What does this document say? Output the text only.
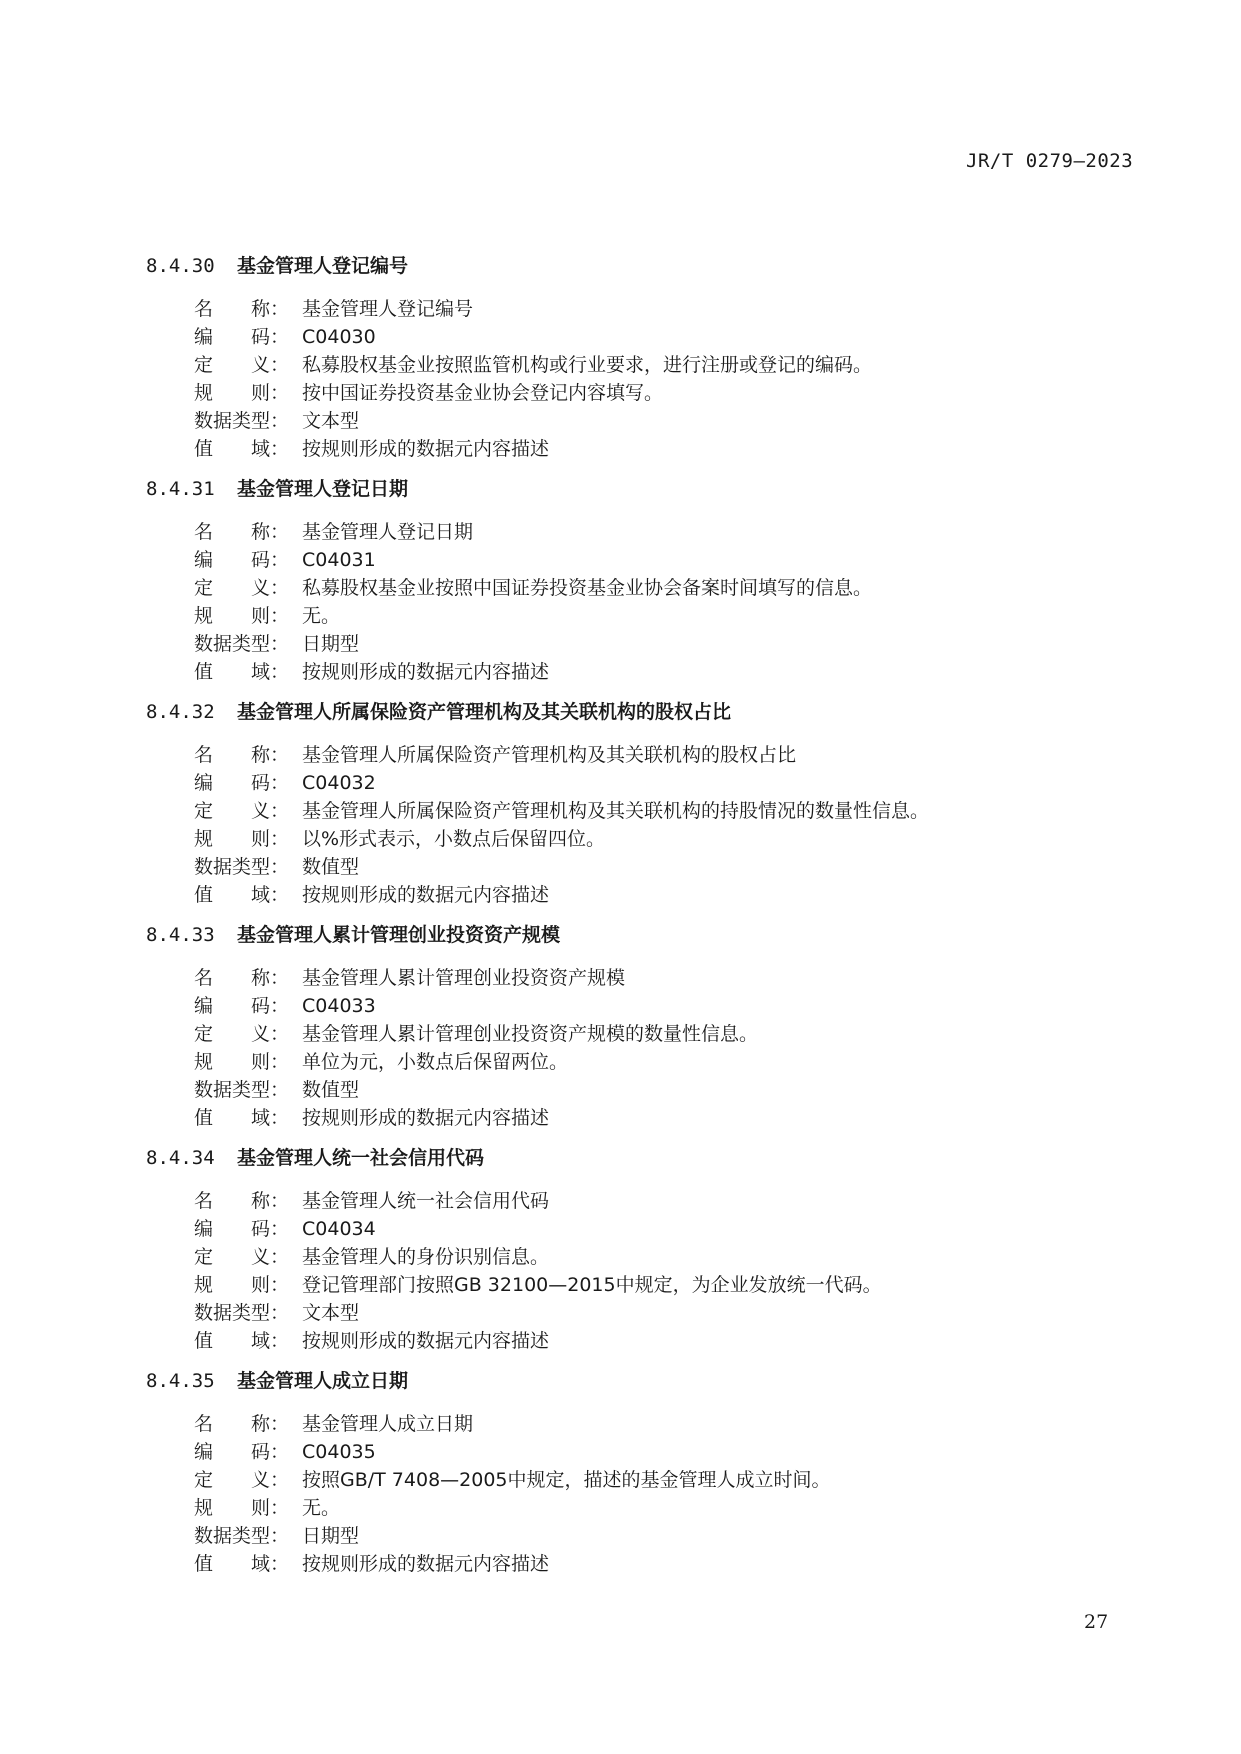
JR/T 0279—2023
8.4.30 基金管理人登记编号
名　　称： 基金管理人登记编号
编　　码： C04030
定　　义： 私募股权基金业按照监管机构或行业要求，进行注册或登记的编码。
规　　则： 按中国证券投资基金业协会登记内容填写。
数据类型： 文本型
值　　域： 按规则形成的数据元内容描述
8.4.31 基金管理人登记日期
名　　称： 基金管理人登记日期
编　　码： C04031
定　　义： 私募股权基金业按照中国证券投资基金业协会备案时间填写的信息。
规　　则： 无。
数据类型： 日期型
值　　域： 按规则形成的数据元内容描述
8.4.32 基金管理人所属保险资产管理机构及其关联机构的股权占比
名　　称： 基金管理人所属保险资产管理机构及其关联机构的股权占比
编　　码： C04032
定　　义： 基金管理人所属保险资产管理机构及其关联机构的持股情况的数量性信息。
规　　则： 以%形式表示，小数点后保留四位。
数据类型： 数值型
值　　域： 按规则形成的数据元内容描述
8.4.33 基金管理人累计管理创业投资资产规模
名　　称： 基金管理人累计管理创业投资资产规模
编　　码： C04033
定　　义： 基金管理人累计管理创业投资资产规模的数量性信息。
规　　则： 单位为元，小数点后保留两位。
数据类型： 数值型
值　　域： 按规则形成的数据元内容描述
8.4.34 基金管理人统一社会信用代码
名　　称： 基金管理人统一社会信用代码
编　　码： C04034
定　　义： 基金管理人的身份识别信息。
规　　则： 登记管理部门按照GB 32100—2015中规定，为企业发放统一代码。
数据类型： 文本型
值　　域： 按规则形成的数据元内容描述
8.4.35 基金管理人成立日期
名　　称： 基金管理人成立日期
编　　码： C04035
定　　义： 按照GB/T 7408—2005中规定，描述的基金管理人成立时间。
规　　则： 无。
数据类型： 日期型
值　　域： 按规则形成的数据元内容描述
27
